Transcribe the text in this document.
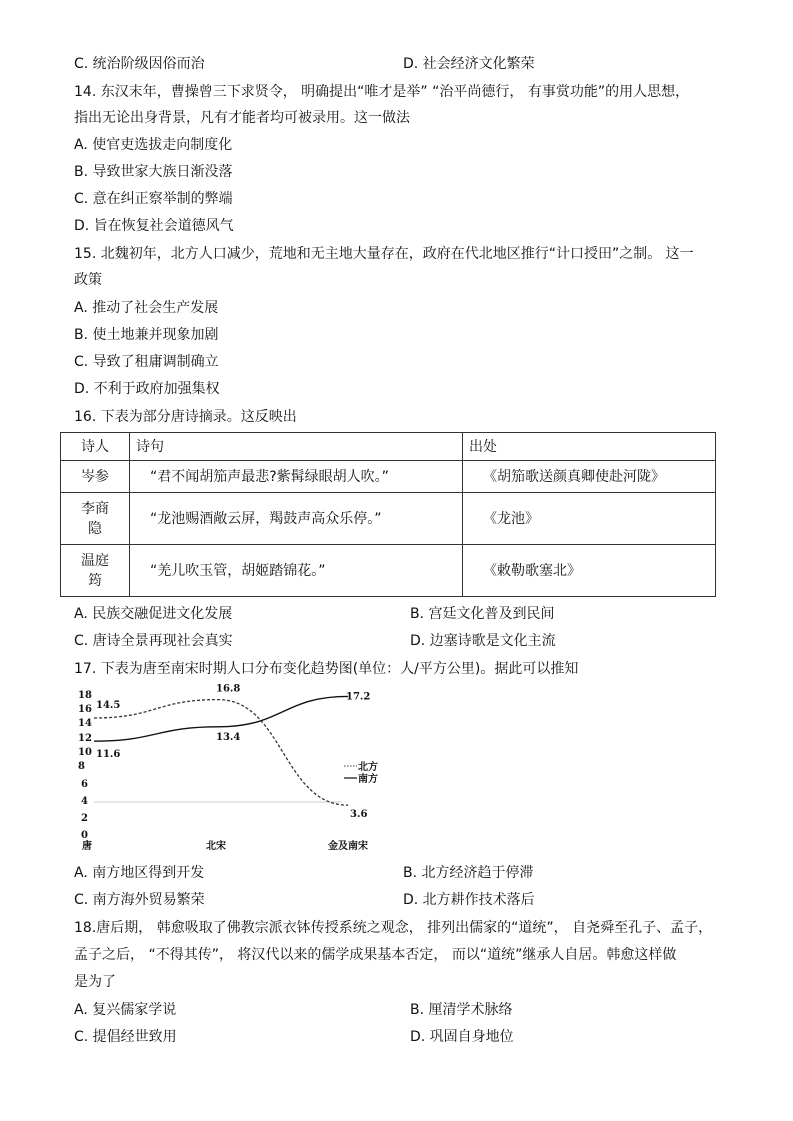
C. 统治阶级因俗而治	D. 社会经济文化繁荣
14. 东汉末年，曹操曾三下求贤令， 明确提出“唯才是举” “治平尚德行， 有事赏功能”的用人思想，
指出无论出身背景，凡有才能者均可被录用。这一做法
A. 使官吏选拔走向制度化
B. 导致世家大族日渐没落
C. 意在纠正察举制的弊端
D. 旨在恢复社会道德风气
15. 北魏初年，北方人口减少，荒地和无主地大量存在，政府在代北地区推行“计口授田”之制。 这一
政策
A. 推动了社会生产发展
B. 使土地兼并现象加剧
C. 导致了租庸调制确立
D. 不利于政府加强集权
16. 下表为部分唐诗摘录。这反映出
诗人	诗句	出处
岑参	“君不闻胡笳声最悲?紫髯绿眼胡人吹。”	《胡笳歌送颜真卿使赴河陇》
李商
隐	“龙池赐酒敞云屏，羯鼓声高众乐停。”	《龙池》
温庭
筠	“羌儿吹玉管，胡姬踏锦花。”	《敕勒歌塞北》
A. 民族交融促进文化发展	B. 宫廷文化普及到民间
C. 唐诗全景再现社会真实	D. 边塞诗歌是文化主流
17. 下表为唐至南宋时期人口分布变化趋势图(单位：人/平方公里)。据此可以推知
18
16
14
12
10
8
6
4
2
0
14.5
16.8
3.6
11.6
13.4
17.2
唐	北宋	金及南宋
北方
南方
A. 南方地区得到开发	B. 北方经济趋于停滞
C. 南方海外贸易繁荣	D. 北方耕作技术落后
18.唐后期， 韩愈吸取了佛教宗派衣钵传授系统之观念， 排列出儒家的“道统”， 自尧舜至孔子、孟子，
孟子之后， “不得其传”， 将汉代以来的儒学成果基本否定， 而以“道统”继承人自居。韩愈这样做
是为了
A. 复兴儒家学说	B. 厘清学术脉络
C. 提倡经世致用	D. 巩固自身地位
